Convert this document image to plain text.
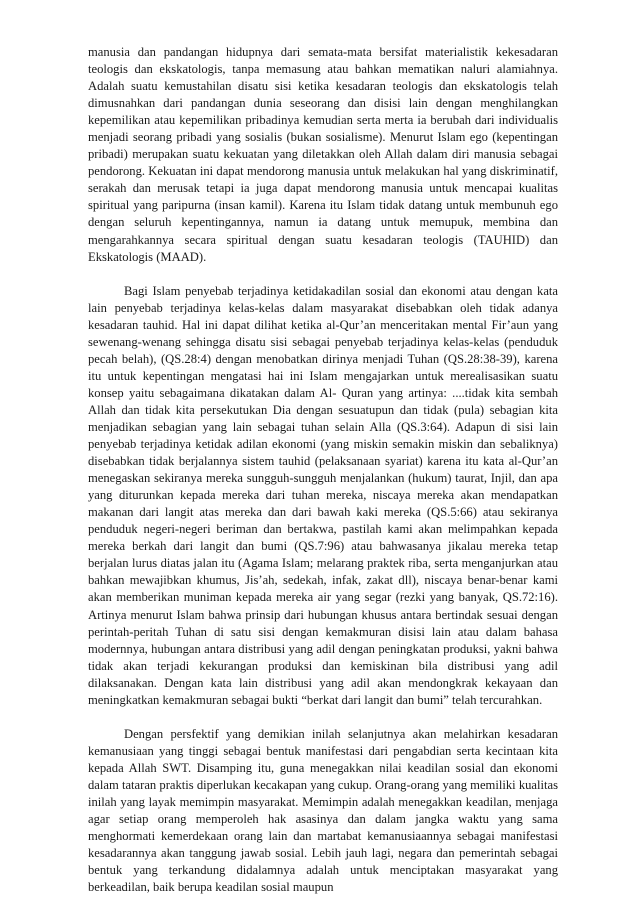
manusia dan pandangan hidupnya dari semata-mata bersifat materialistik kekesadaran teologis dan ekskatologis, tanpa memasung atau bahkan mematikan naluri alamiahnya. Adalah suatu kemustahilan disatu sisi ketika kesadaran teologis dan ekskatologis telah dimusnahkan dari pandangan dunia seseorang dan disisi lain dengan menghilangkan kepemilikan atau kepemilikan pribadinya kemudian serta merta ia berubah dari individualis menjadi seorang pribadi yang sosialis (bukan sosialisme). Menurut Islam ego (kepentingan pribadi) merupakan suatu kekuatan yang diletakkan oleh Allah dalam diri manusia sebagai pendorong. Kekuatan ini dapat mendorong manusia untuk melakukan hal yang diskriminatif, serakah dan merusak tetapi ia juga dapat mendorong manusia untuk mencapai kualitas spiritual yang paripurna (insan kamil). Karena itu Islam tidak datang untuk membunuh ego dengan seluruh kepentingannya, namun ia datang untuk memupuk, membina dan mengarahkannya secara spiritual dengan suatu kesadaran teologis (TAUHID) dan Ekskatologis (MAAD).

Bagi Islam penyebab terjadinya ketidakadilan sosial dan ekonomi atau dengan kata lain penyebab terjadinya kelas-kelas dalam masyarakat disebabkan oleh tidak adanya kesadaran tauhid. Hal ini dapat dilihat ketika al-Qur’an menceritakan mental Fir’aun yang sewenang-wenang sehingga disatu sisi sebagai penyebab terjadinya kelas-kelas (penduduk pecah belah), (QS.28:4) dengan menobatkan dirinya menjadi Tuhan (QS.28:38-39), karena itu untuk kepentingan mengatasi hai ini Islam mengajarkan untuk merealisasikan suatu konsep yaitu sebagaimana dikatakan dalam Al- Quran yang artinya: ....tidak kita sembah Allah dan tidak kita persekutukan Dia dengan sesuatupun dan tidak (pula) sebagian kita menjadikan sebagian yang lain sebagai tuhan selain Alla (QS.3:64). Adapun di sisi lain penyebab terjadinya ketidak adilan ekonomi (yang miskin semakin miskin dan sebaliknya) disebabkan tidak berjalannya sistem tauhid (pelaksanaan syariat) karena itu kata al-Qur’an menegaskan sekiranya mereka sungguh-sungguh menjalankan (hukum) taurat, Injil, dan apa yang diturunkan kepada mereka dari tuhan mereka, niscaya mereka akan mendapatkan makanan dari langit atas mereka dan dari bawah kaki mereka (QS.5:66) atau sekiranya penduduk negeri-negeri beriman dan bertakwa, pastilah kami akan melimpahkan kepada mereka berkah dari langit dan bumi (QS.7:96) atau bahwasanya jikalau mereka tetap berjalan lurus diatas jalan itu (Agama Islam; melarang praktek riba, serta menganjurkan atau bahkan mewajibkan khumus, Jis’ah, sedekah, infak, zakat dll), niscaya benar-benar kami akan memberikan muniman kepada mereka air yang segar (rezki yang banyak, QS.72:16). Artinya menurut Islam bahwa prinsip dari hubungan khusus antara bertindak sesuai dengan perintah-peritah Tuhan di satu sisi dengan kemakmuran disisi lain atau dalam bahasa modernnya, hubungan antara distribusi yang adil dengan peningkatan produksi, yakni bahwa tidak akan terjadi kekurangan produksi dan kemiskinan bila distribusi yang adil dilaksanakan. Dengan kata lain distribusi yang adil akan mendongkrak kekayaan dan meningkatkan kemakmuran sebagai bukti “berkat dari langit dan bumi” telah tercurahkan.

Dengan persfektif yang demikian inilah selanjutnya akan melahirkan kesadaran kemanusiaan yang tinggi sebagai bentuk manifestasi dari pengabdian serta kecintaan kita kepada Allah SWT. Disamping itu, guna menegakkan nilai keadilan sosial dan ekonomi dalam tataran praktis diperlukan kecakapan yang cukup. Orang-orang yang memiliki kualitas inilah yang layak memimpin masyarakat. Memimpin adalah menegakkan keadilan, menjaga agar setiap orang memperoleh hak asasinya dan dalam jangka waktu yang sama menghormati kemerdekaan orang lain dan martabat kemanusiaannya sebagai manifestasi kesadarannya akan tanggung jawab sosial. Lebih jauh lagi, negara dan pemerintah sebagai bentuk yang terkandung didalamnya adalah untuk menciptakan masyarakat yang berkeadilan, baik berupa keadilan sosial maupun
